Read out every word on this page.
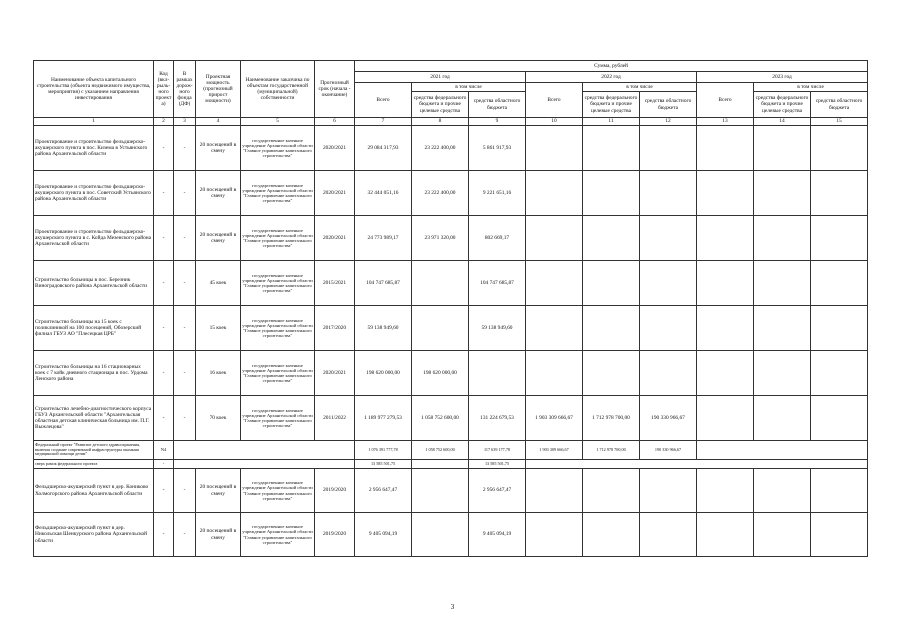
Наименование объекта капитального строительства (объекта недвижимого имущества, мероприятия) с указанием направления инвестирования	Код (вкл- рыль- ного проекта)	В рамках дорож- ного фонда (ДФ)	Проектная мощность (прогнозный прирост мощности)	Наименование заказчика по объектам государственной (муниципальной) собственности	Прогнозный срок (начала - окончание)	Сумма, рублей								
						2021 год			2022 год			2023 год		
						Всего	в том числе		Всего	в том числе		Всего	в том числе	
							средства федерального бюджета и прочие целевые средства	средства областного бюджета		средства федерального бюджета и прочие целевые средства	средства областного бюджета		средства федерального бюджета и прочие целевые средства	средства областного бюджета
1	2	3	4	5	6	7	8	9	10	11	12	13	14	15
Проектирование и строительство фельдшерско-акушерского пункта в пос. Кизема в Устьянского района Архангельской области	-	-	20 посещений в смену	государственное казенное учреждение Архангельской области "Главное управление капитального строительства"	2020/2021	29 084 317,93	23 222 400,00	5 861 917,93						
Проектирование и строительство фельдшерско-акушерского пункта в пос. Советский Устьянского района Архангельской области	-	-	20 посещений в смену	государственное казенное учреждение Архангельской области "Главное управление капитального строительства"	2020/2021	32 444 051,16	23 222 400,00	9 221 651,16						
Проектирование и строительство фельдшерско-акушерского пункта в с. Койда Мезенского района Архангельской области	-	-	20 посещений в смену	государственное казенное учреждение Архангельской области "Главное управление капитального строительства"	2020/2021	24 773 989,17	23 971 320,00	802 669,17						
Строительство больницы в пос. Березник Виноградовского района Архангельской области	-	-	45 коек	государственное казенное учреждение Архангельской области "Главное управление капитального строительства"	2015/2021	104 747 685,87		104 747 685,87						
Строительство больницы на 15 коек с поликлиникой на 100 посещений, Обозерский филиал ГБУЗ АО "Плесецкая ЦРБ"	-	-	15 коек	государственное казенное учреждение Архангельской области "Главное управление капитального строительства"	2017/2020	59 138 949,60		59 138 949,60						
Строительство больницы на 16 стационарных коек с 7 койк дневного стационара в пос. Урдома Ленского района	-	-	16 коек	государственное казенное учреждение Архангельской области "Главное управление капитального строительства"	2020/2021	198 620 000,00	198 620 000,00							
Строительство лечебно-диагностического корпуса ГБУЗ Архангельской области "Архангельская областная детская клиническая больница им. П.Г. Выжлецова"	-	-	70 коек	государственное казенное учреждение Архангельской области "Главное управление капитального строительства"	2011/2022	1 189 977 279,53	1 058 752 600,00	131 224 679,53	1 903 309 666,67	1 712 978 700,00	190 330 966,67			
Федеральный проект "Развитие детского здравоохранения, включая создание современной инфраструктуры оказания медицинской помощи детям"	N4					1 076 391 777,78	1 058 752 600,00	117 639 177,78	1 903 309 666,67	1 712 978 700,00	190 330 966,67			
сверх рамок федерального проекта	-					13 585 501,75		13 585 501,75						
Фельдшерско-акушерский пункт в дер. Кониково Холмогорского района Архангельской области	-	-	20 посещений в смену	государственное казенное учреждение Архангельской области "Главное управление капитального строительства"	2019/2020	2 956 647,47		2 956 647,47						
Фельдшерско-акушерский пункт в дер. Никольская Шенкурского района Архангельской области	-	-	20 посещений в смену	государственное казенное учреждение Архангельской области "Главное управление капитального строительства"	2019/2020	9 405 094,19		9 405 094,19						
3
